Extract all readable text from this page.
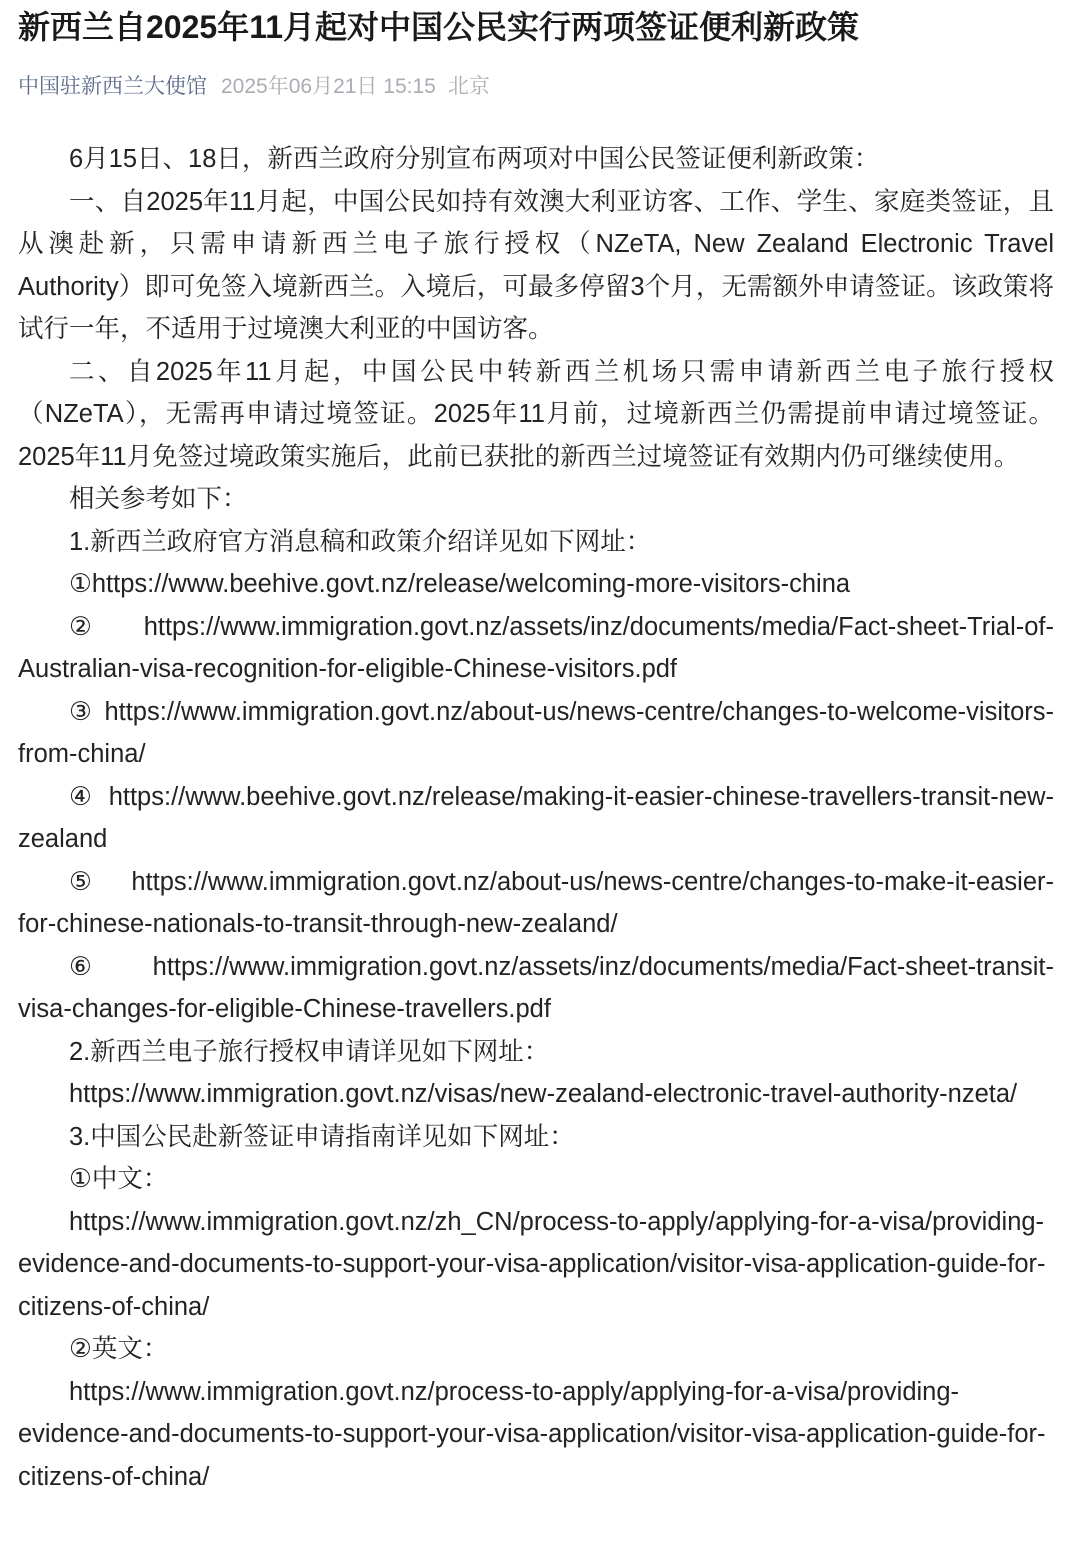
新西兰自2025年11月起对中国公民实行两项签证便利新政策
中国驻新西兰大使馆 2025年06月21日 15:15 北京

6月15日、18日，新西兰政府分别宣布两项对中国公民签证便利新政策：

一、自2025年11月起，中国公民如持有效澳大利亚访客、工作、学生、家庭类签证，且从澳赴新，只需申请新西兰电子旅行授权（NZeTA, New Zealand Electronic Travel Authority）即可免签入境新西兰。入境后，可最多停留3个月，无需额外申请签证。该政策将试行一年，不适用于过境澳大利亚的中国访客。

二、自2025年11月起，中国公民中转新西兰机场只需申请新西兰电子旅行授权（NZeTA），无需再申请过境签证。2025年11月前，过境新西兰仍需提前申请过境签证。2025年11月免签过境政策实施后，此前已获批的新西兰过境签证有效期内仍可继续使用。

相关参考如下：

1.新西兰政府官方消息稿和政策介绍详见如下网址：

①https://www.beehive.govt.nz/release/welcoming-more-visitors-china

② https://www.immigration.govt.nz/assets/inz/documents/media/Fact-sheet-Trial-of-Australian-visa-recognition-for-eligible-Chinese-visitors.pdf

③ https://www.immigration.govt.nz/about-us/news-centre/changes-to-welcome-visitors-from-china/

④ https://www.beehive.govt.nz/release/making-it-easier-chinese-travellers-transit-new-zealand

⑤ https://www.immigration.govt.nz/about-us/news-centre/changes-to-make-it-easier-for-chinese-nationals-to-transit-through-new-zealand/

⑥ https://www.immigration.govt.nz/assets/inz/documents/media/Fact-sheet-transit-visa-changes-for-eligible-Chinese-travellers.pdf

2.新西兰电子旅行授权申请详见如下网址：

https://www.immigration.govt.nz/visas/new-zealand-electronic-travel-authority-nzeta/

3.中国公民赴新签证申请指南详见如下网址：

①中文：

https://www.immigration.govt.nz/zh_CN/process-to-apply/applying-for-a-visa/providing-evidence-and-documents-to-support-your-visa-application/visitor-visa-application-guide-for-citizens-of-china/

②英文：

https://www.immigration.govt.nz/process-to-apply/applying-for-a-visa/providing-evidence-and-documents-to-support-your-visa-application/visitor-visa-application-guide-for-citizens-of-china/
